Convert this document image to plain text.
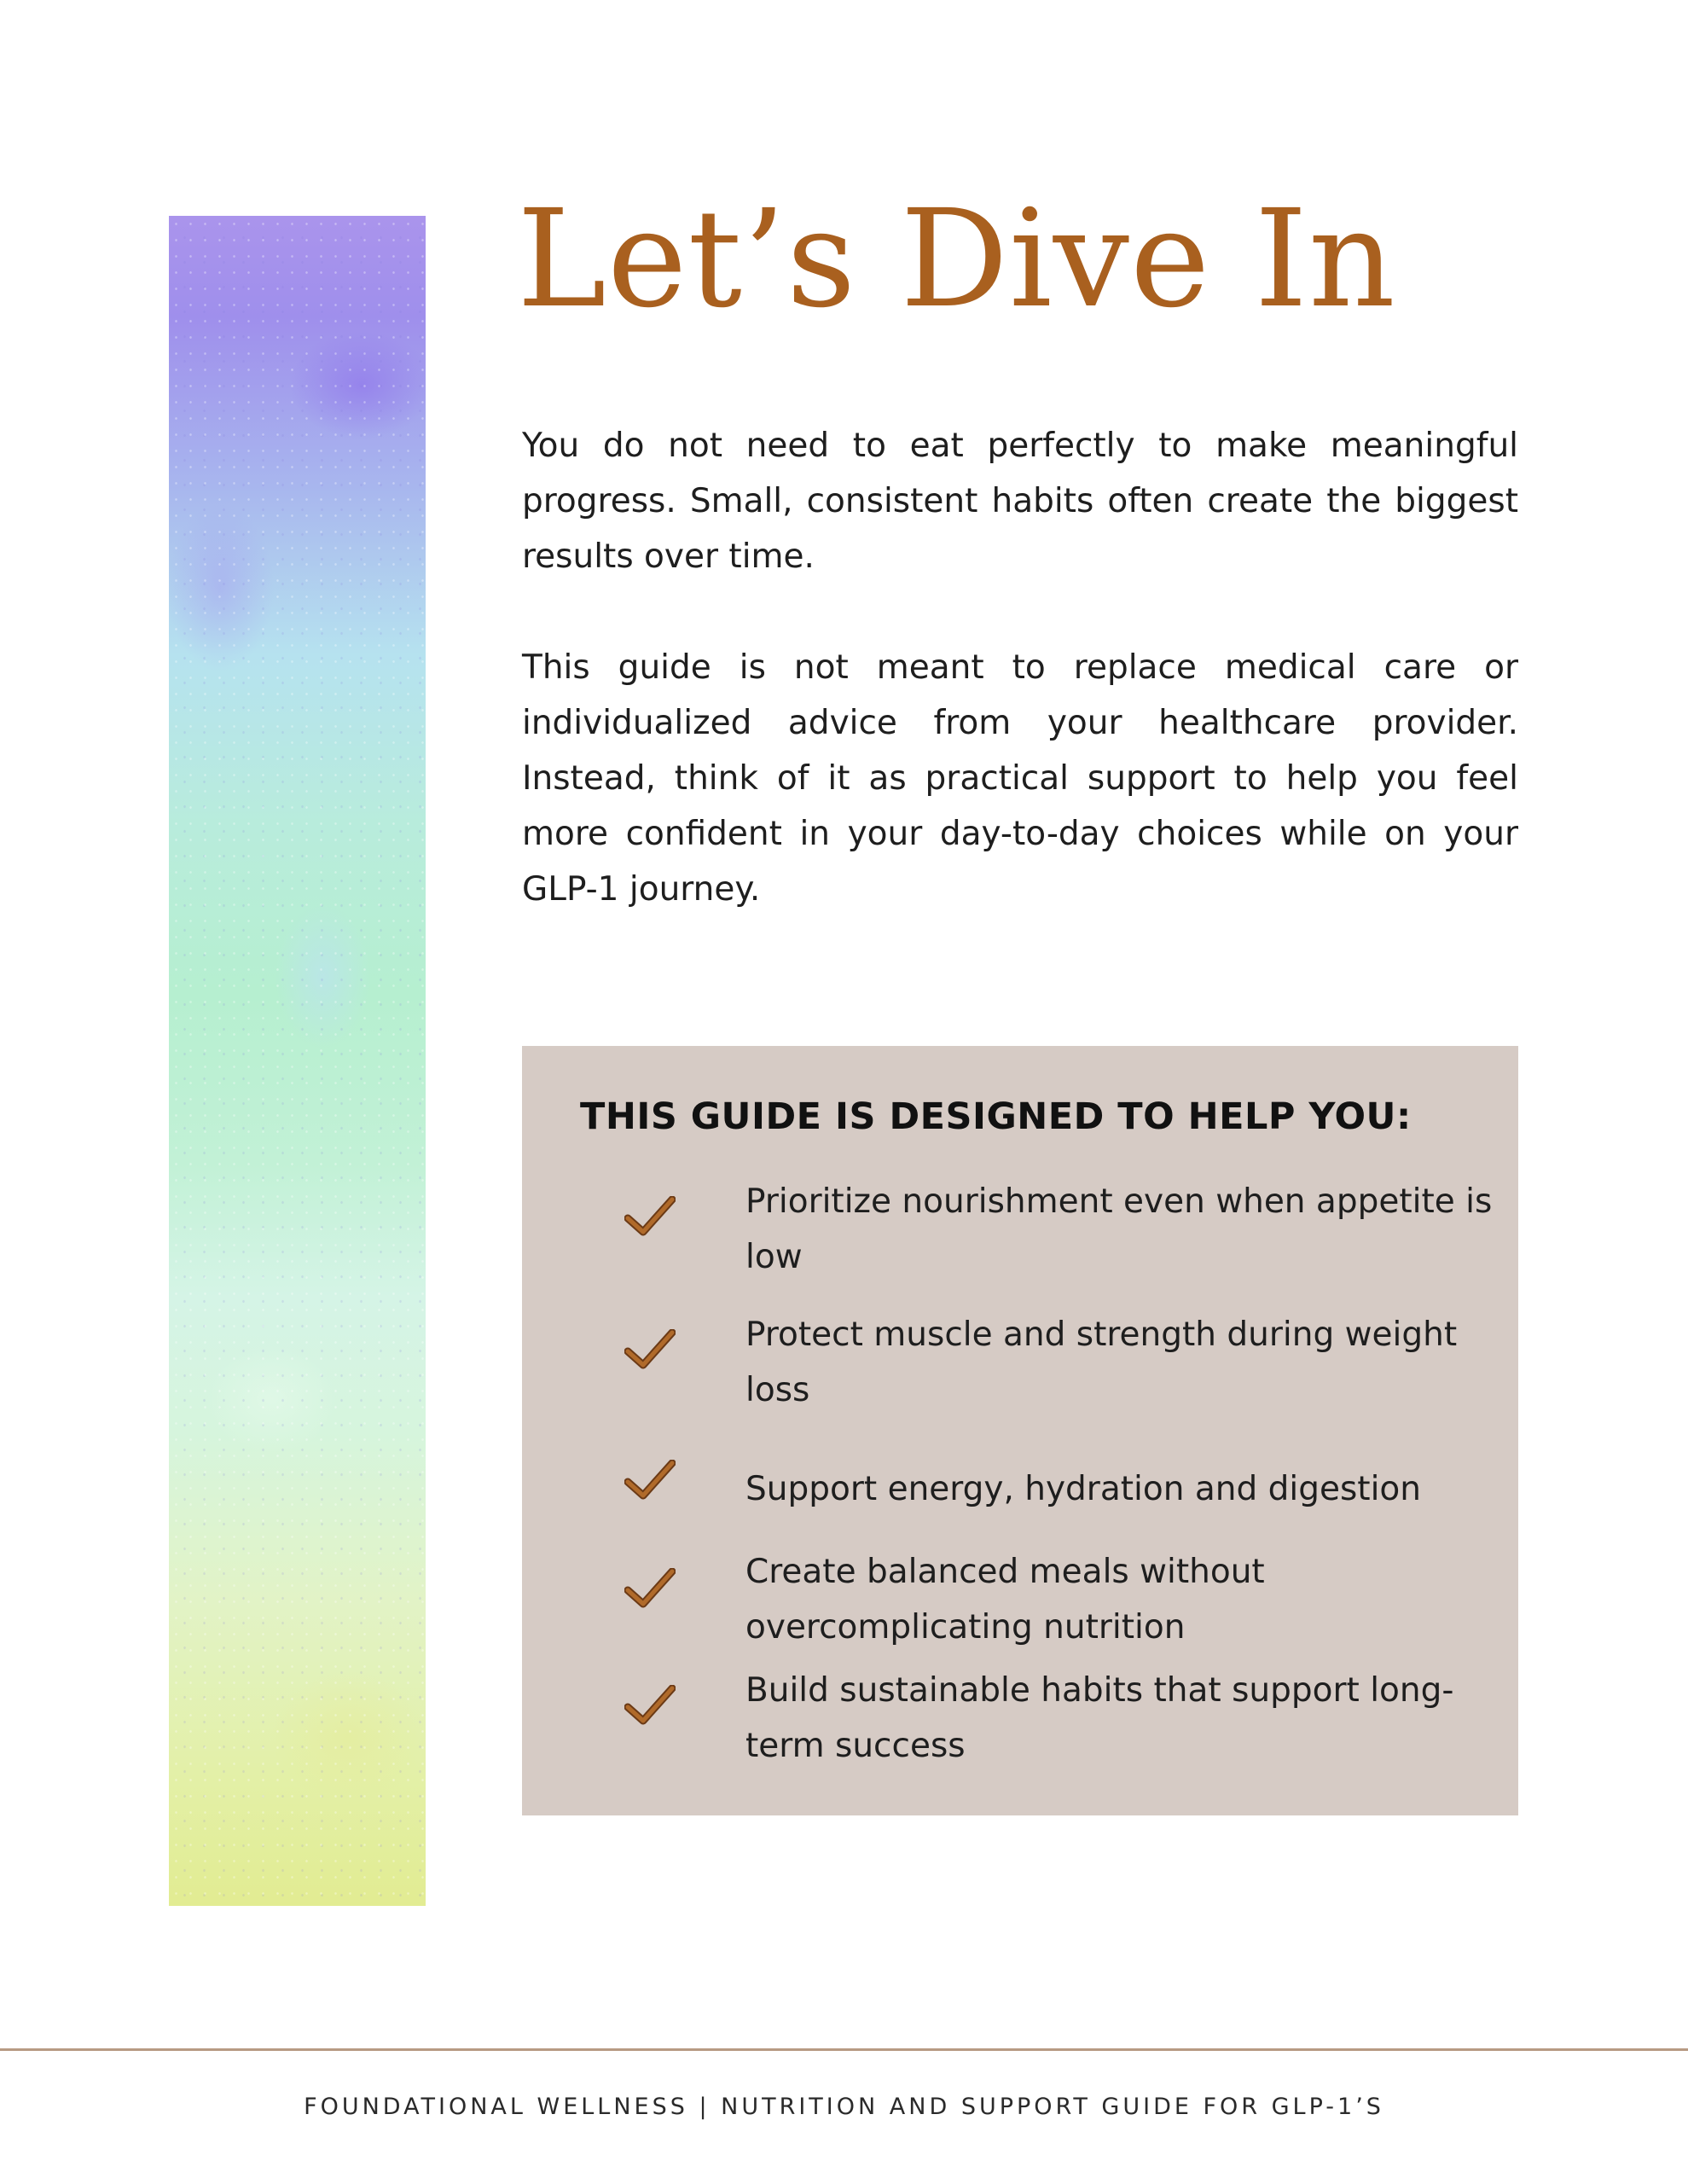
Let’s Dive In

You do not need to eat perfectly to make meaningful progress. Small, consistent habits often create the biggest results over time.

This guide is not meant to replace medical care or individualized advice from your healthcare provider. Instead, think of it as practical support to help you feel more confident in your day-to-day choices while on your GLP-1 journey.

THIS GUIDE IS DESIGNED TO HELP YOU:
Prioritize nourishment even when appetite is low
Protect muscle and strength during weight loss
Support energy, hydration and digestion
Create balanced meals without overcomplicating nutrition
Build sustainable habits that support long-term success
FOUNDATIONAL WELLNESS | NUTRITION AND SUPPORT GUIDE FOR GLP-1’S
